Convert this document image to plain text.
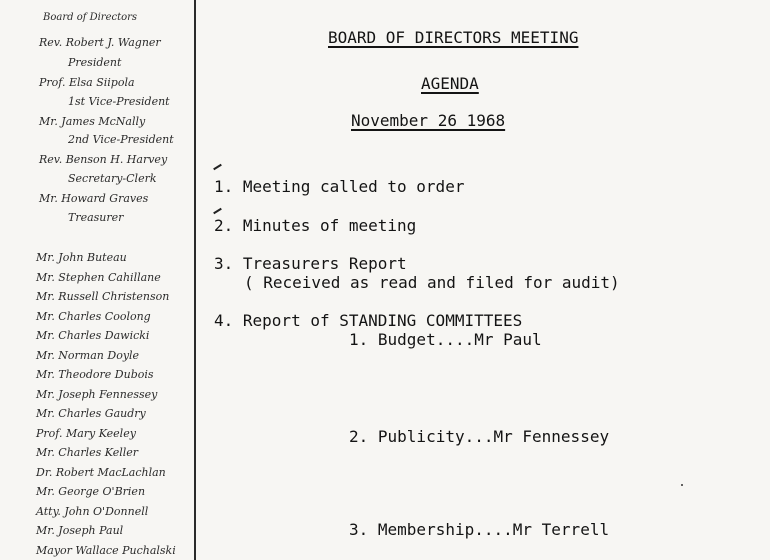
Board of Directors
Rev. Robert J. Wagner
President
Prof. Elsa Siipola
1st Vice-President
Mr. James McNally
2nd Vice-President
Rev. Benson H. Harvey
Secretary-Clerk
Mr. Howard Graves
Treasurer
Mr. John Buteau
Mr. Stephen Cahillane
Mr. Russell Christenson
Mr. Charles Coolong
Mr. Charles Dawicki
Mr. Norman Doyle
Mr. Theodore Dubois
Mr. Joseph Fennessey
Mr. Charles Gaudry
Prof. Mary Keeley
Mr. Charles Keller
Dr. Robert MacLachlan
Mr. George O'Brien
Atty. John O'Donnell
Mr. Joseph Paul
Mayor Wallace Puchalski
BOARD OF DIRECTORS MEETING
AGENDA
November 26 1968
1. Meeting called to order
2. Minutes of meeting
3. Treasurers Report
( Received as read and filed for audit)
4. Report of STANDING COMMITTEES
1. Budget....Mr Paul
2. Publicity...Mr Fennessey
3. Membership....Mr Terrell
